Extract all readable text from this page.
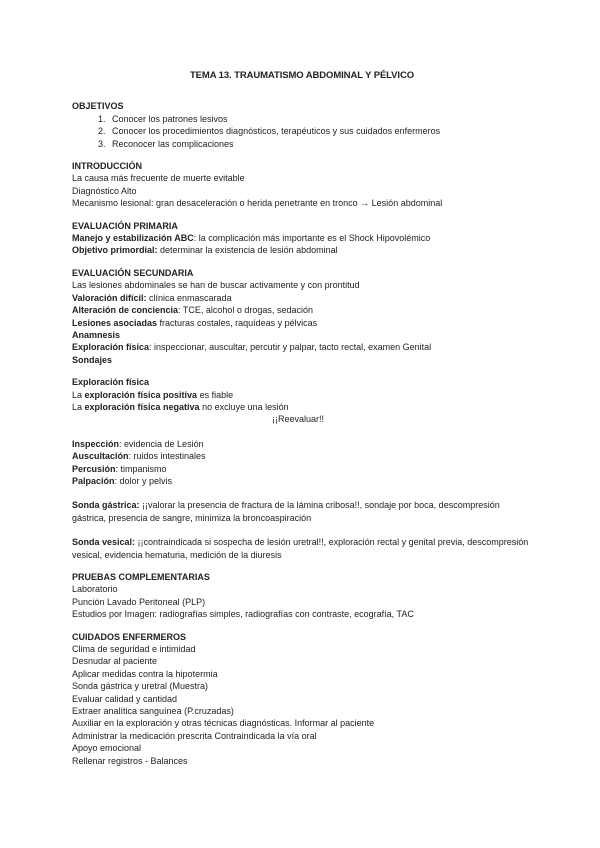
TEMA 13. TRAUMATISMO ABDOMINAL Y PÉLVICO
OBJETIVOS
1. Conocer los patrones lesivos
2. Conocer los procedimientos diagnósticos, terapéuticos y sus cuidados enfermeros
3. Reconocer las complicaciones
INTRODUCCIÓN
La causa más frecuente de muerte evitable
Diagnóstico Alto
Mecanismo lesional: gran desaceleración o herida penetrante en tronco → Lesión abdominal
EVALUACIÓN PRIMARIA
Manejo y estabilización ABC: la complicación más importante es el Shock Hipovolémico
Objetivo primordial: determinar la existencia de lesión abdominal
EVALUACIÓN SECUNDARIA
Las lesiones abdominales se han de buscar activamente y con prontitud
Valoración difícil: clínica enmascarada
Alteración de conciencia: TCE, alcohol o drogas, sedación
Lesiones asociadas fracturas costales, raquídeas y pélvicas
Anamnesis
Exploración física: inspeccionar, auscultar, percutir y palpar, tacto rectal, examen Genital
Sondajes
Exploración física
La exploración física positiva es fiable
La exploración física negativa no excluye una lesión
¡¡Reevaluar!!
Inspección: evidencia de Lesión
Auscultación: ruidos intestinales
Percusión: timpanismo
Palpación: dolor y pelvis
Sonda gástrica: ¡¡valorar la presencia de fractura de la lámina cribosa!!, sondaje por boca, descompresión gástrica, presencia de sangre, minimiza la broncoaspiración
Sonda vesical: ¡¡contraindicada si sospecha de lesión uretral!!, exploración rectal y genital previa, descompresión vesical, evidencia hematuria, medición de la diuresis
PRUEBAS COMPLEMENTARIAS
Laboratorio
Punción Lavado Peritoneal (PLP)
Estudios por Imagen: radiografías simples, radiografías con contraste, ecografía, TAC
CUIDADOS ENFERMEROS
Clima de seguridad e intimidad
Desnudar al paciente
Aplicar medidas contra la hipotermia
Sonda gástrica y uretral (Muestra)
Evaluar calidad y cantidad
Extraer analítica sanguínea (P.cruzadas)
Auxiliar en la exploración y otras técnicas diagnósticas. Informar al paciente
Administrar la medicación prescrita Contraindicada la vía oral
Apoyo emocional
Rellenar registros - Balances
